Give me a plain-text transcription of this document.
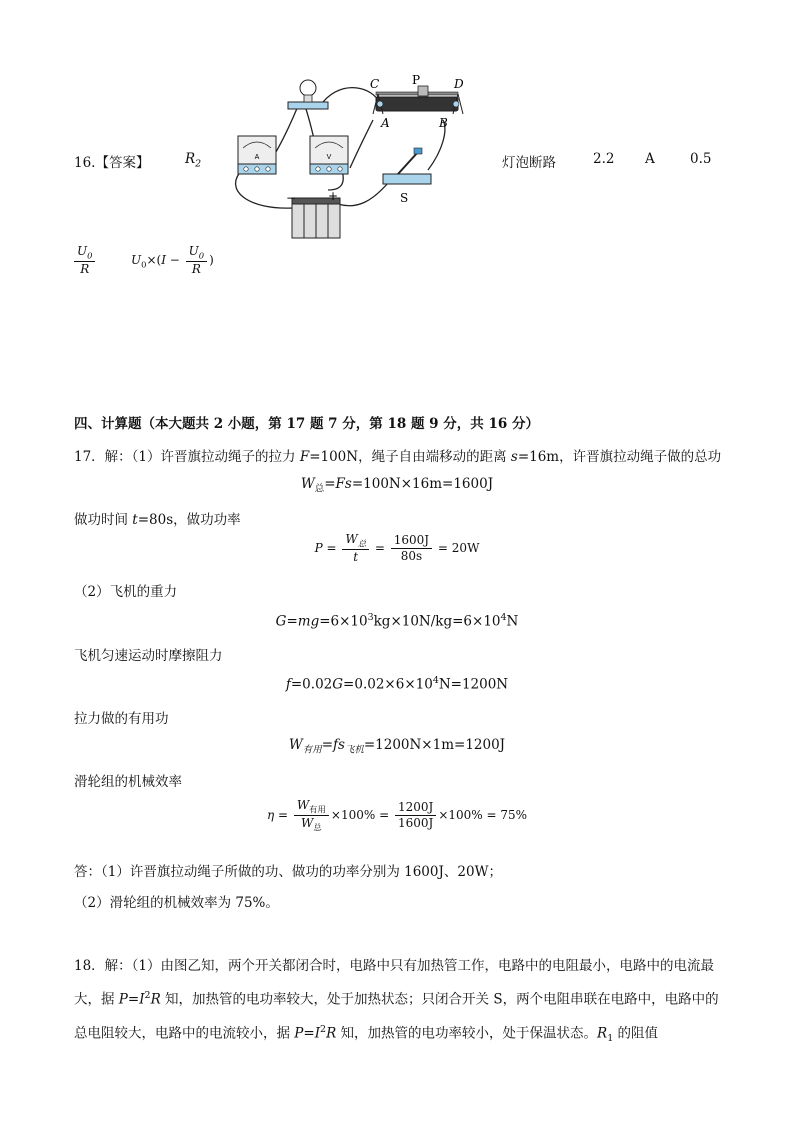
16.【答案】	$R_2$
A	V
C	P	D
A	B
S
−	+
灯泡断路	2.2 A	0.5
$\frac{U_0}{R}$	$U_0\times(I - \frac{U_0}{R}$ )
四、计算题（本大题共 2 小题，第 17 题 7 分，第 18 题 9 分，共 16 分）
17．解：（1）许晋旗拉动绳子的拉力 F=100N，绳子自由端移动的距离 s=16m，许晋旗拉动绳子做的总功
$W_总=Fs=100N\times 16m=1600J$
做功时间 t=80s，做功功率
$P = \frac{W_总}{t} = \frac{1600J}{80s} = 20W$
（2）飞机的重力
$G=mg=6\times 10^3kg\times 10N/kg=6\times 10^4N$
飞机匀速运动时摩擦阻力
$f=0.02G=0.02\times 6\times 10^4N=1200N$
拉力做的有用功
$W_{有用}=fs_{飞机}=1200N\times 1m=1200J$
滑轮组的机械效率
$\eta = \frac{W_{有用}}{W_总} \times 100\% = \frac{1200J}{1600J} \times 100\% = 75\%$
答：（1）许晋旗拉动绳子所做的功、做功的功率分别为 1600J、20W；
（2）滑轮组的机械效率为 75%。
18．解：（1）由图乙知，两个开关都闭合时，电路中只有加热管工作，电路中的电阻最小，电路中的电流最大，据 $P=I^2R$ 知，加热管的电功率较大，处于加热状态；只闭合开关 S，两个电阻串联在电路中，电路中的总电阻较大，电路中的电流较小，据 $P=I^2R$ 知，加热管的电功率较小，处于保温状态。$R_1$ 的阻值
